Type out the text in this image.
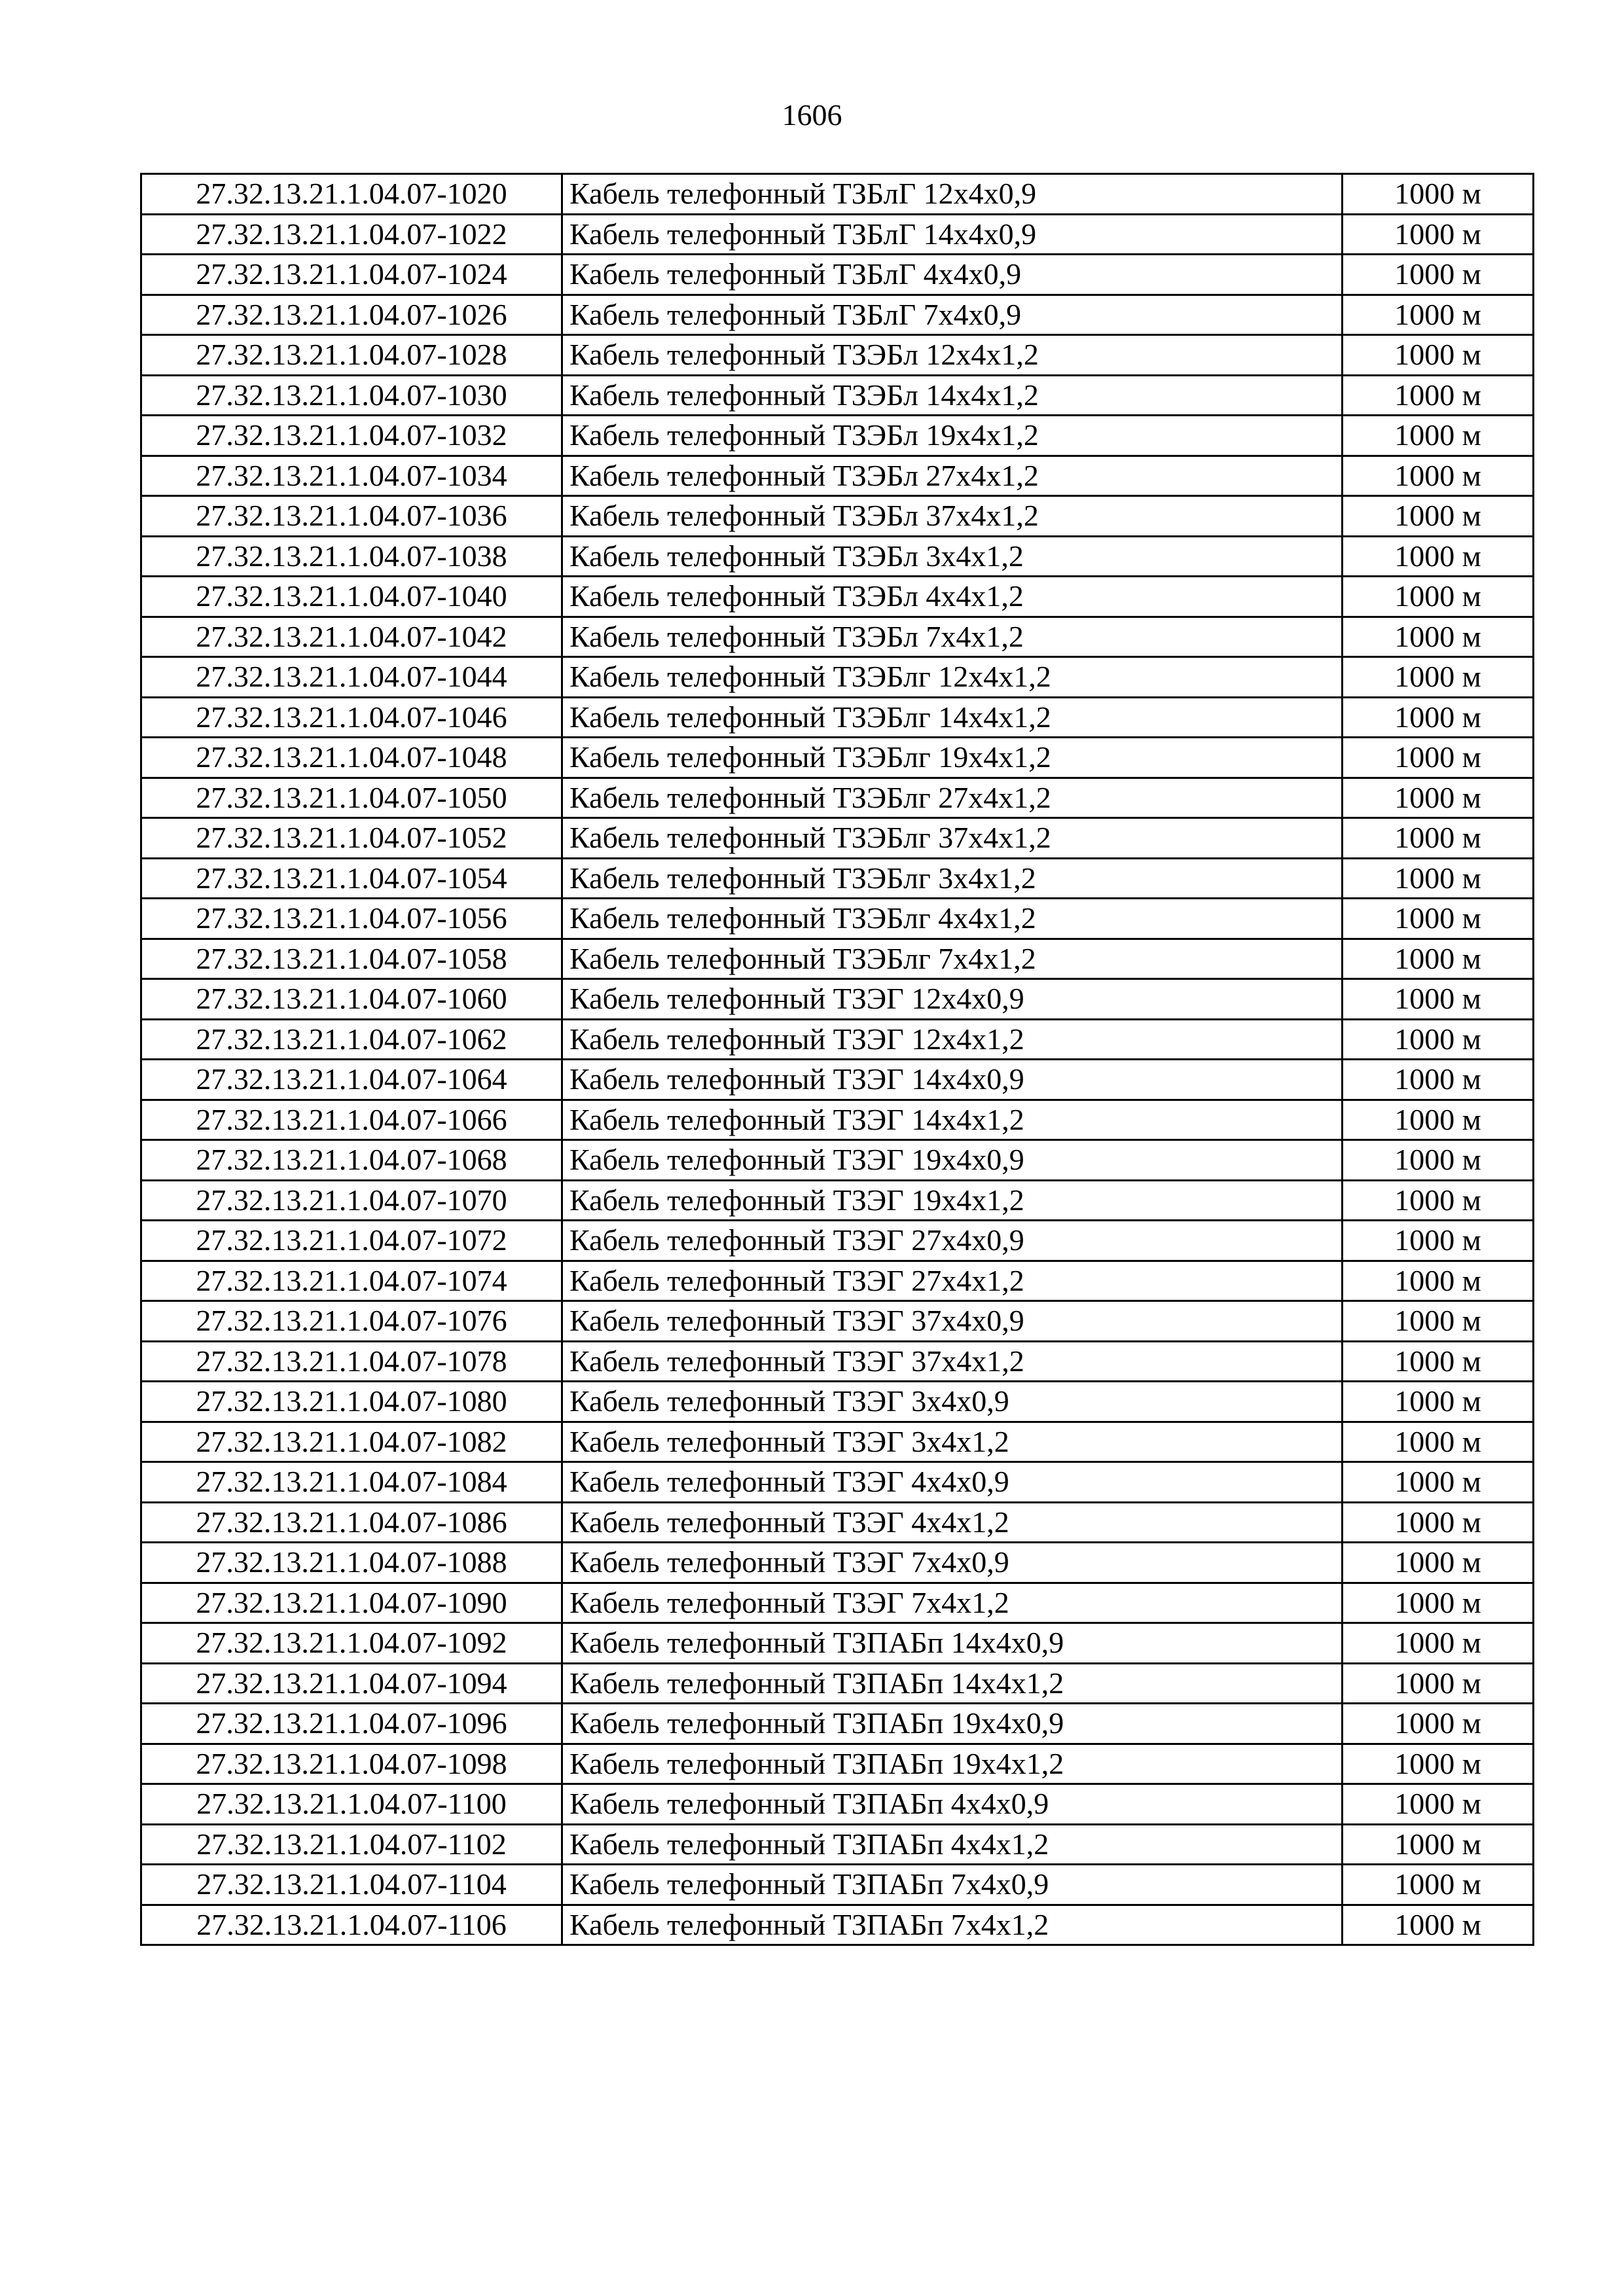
1606
27.32.13.21.1.04.07-1020	Кабель телефонный ТЗБлГ 12x4x0,9	1000 м
27.32.13.21.1.04.07-1022	Кабель телефонный ТЗБлГ 14x4x0,9	1000 м
27.32.13.21.1.04.07-1024	Кабель телефонный ТЗБлГ 4x4x0,9	1000 м
27.32.13.21.1.04.07-1026	Кабель телефонный ТЗБлГ 7x4x0,9	1000 м
27.32.13.21.1.04.07-1028	Кабель телефонный ТЗЭБл 12x4x1,2	1000 м
27.32.13.21.1.04.07-1030	Кабель телефонный ТЗЭБл 14x4x1,2	1000 м
27.32.13.21.1.04.07-1032	Кабель телефонный ТЗЭБл 19x4x1,2	1000 м
27.32.13.21.1.04.07-1034	Кабель телефонный ТЗЭБл 27x4x1,2	1000 м
27.32.13.21.1.04.07-1036	Кабель телефонный ТЗЭБл 37x4x1,2	1000 м
27.32.13.21.1.04.07-1038	Кабель телефонный ТЗЭБл 3x4x1,2	1000 м
27.32.13.21.1.04.07-1040	Кабель телефонный ТЗЭБл 4x4x1,2	1000 м
27.32.13.21.1.04.07-1042	Кабель телефонный ТЗЭБл 7x4x1,2	1000 м
27.32.13.21.1.04.07-1044	Кабель телефонный ТЗЭБлг 12x4x1,2	1000 м
27.32.13.21.1.04.07-1046	Кабель телефонный ТЗЭБлг 14x4x1,2	1000 м
27.32.13.21.1.04.07-1048	Кабель телефонный ТЗЭБлг 19x4x1,2	1000 м
27.32.13.21.1.04.07-1050	Кабель телефонный ТЗЭБлг 27x4x1,2	1000 м
27.32.13.21.1.04.07-1052	Кабель телефонный ТЗЭБлг 37x4x1,2	1000 м
27.32.13.21.1.04.07-1054	Кабель телефонный ТЗЭБлг 3x4x1,2	1000 м
27.32.13.21.1.04.07-1056	Кабель телефонный ТЗЭБлг 4x4x1,2	1000 м
27.32.13.21.1.04.07-1058	Кабель телефонный ТЗЭБлг 7x4x1,2	1000 м
27.32.13.21.1.04.07-1060	Кабель телефонный ТЗЭГ 12x4x0,9	1000 м
27.32.13.21.1.04.07-1062	Кабель телефонный ТЗЭГ 12x4x1,2	1000 м
27.32.13.21.1.04.07-1064	Кабель телефонный ТЗЭГ 14x4x0,9	1000 м
27.32.13.21.1.04.07-1066	Кабель телефонный ТЗЭГ 14x4x1,2	1000 м
27.32.13.21.1.04.07-1068	Кабель телефонный ТЗЭГ 19x4x0,9	1000 м
27.32.13.21.1.04.07-1070	Кабель телефонный ТЗЭГ 19x4x1,2	1000 м
27.32.13.21.1.04.07-1072	Кабель телефонный ТЗЭГ 27x4x0,9	1000 м
27.32.13.21.1.04.07-1074	Кабель телефонный ТЗЭГ 27x4x1,2	1000 м
27.32.13.21.1.04.07-1076	Кабель телефонный ТЗЭГ 37x4x0,9	1000 м
27.32.13.21.1.04.07-1078	Кабель телефонный ТЗЭГ 37x4x1,2	1000 м
27.32.13.21.1.04.07-1080	Кабель телефонный ТЗЭГ 3x4x0,9	1000 м
27.32.13.21.1.04.07-1082	Кабель телефонный ТЗЭГ 3x4x1,2	1000 м
27.32.13.21.1.04.07-1084	Кабель телефонный ТЗЭГ 4x4x0,9	1000 м
27.32.13.21.1.04.07-1086	Кабель телефонный ТЗЭГ 4x4x1,2	1000 м
27.32.13.21.1.04.07-1088	Кабель телефонный ТЗЭГ 7x4x0,9	1000 м
27.32.13.21.1.04.07-1090	Кабель телефонный ТЗЭГ 7x4x1,2	1000 м
27.32.13.21.1.04.07-1092	Кабель телефонный ТЗПАБп 14x4x0,9	1000 м
27.32.13.21.1.04.07-1094	Кабель телефонный ТЗПАБп 14x4x1,2	1000 м
27.32.13.21.1.04.07-1096	Кабель телефонный ТЗПАБп 19x4x0,9	1000 м
27.32.13.21.1.04.07-1098	Кабель телефонный ТЗПАБп 19x4x1,2	1000 м
27.32.13.21.1.04.07-1100	Кабель телефонный ТЗПАБп 4x4x0,9	1000 м
27.32.13.21.1.04.07-1102	Кабель телефонный ТЗПАБп 4x4x1,2	1000 м
27.32.13.21.1.04.07-1104	Кабель телефонный ТЗПАБп 7x4x0,9	1000 м
27.32.13.21.1.04.07-1106	Кабель телефонный ТЗПАБп 7x4x1,2	1000 м
